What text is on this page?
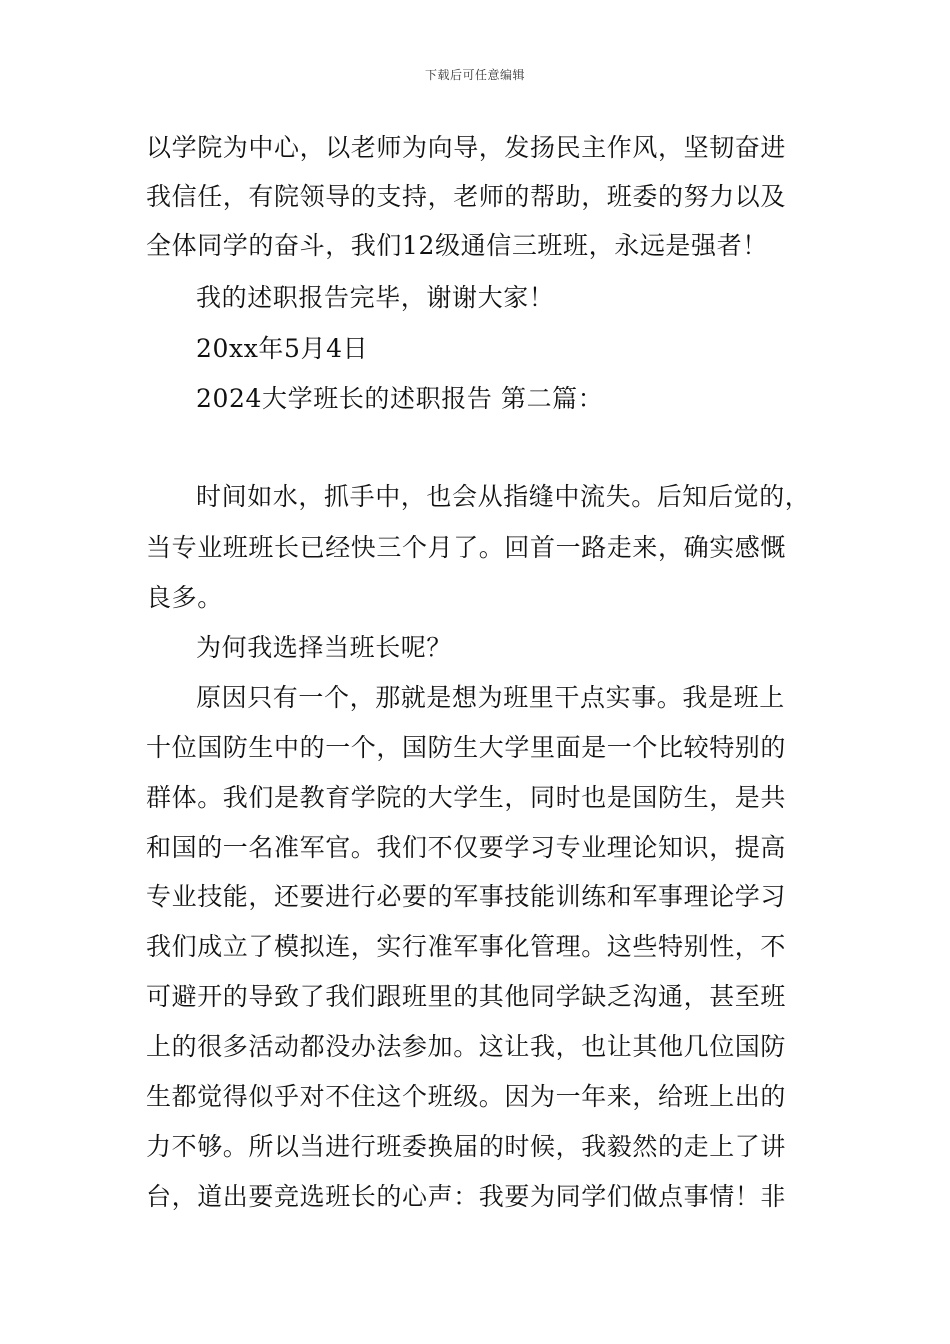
下载后可任意编辑
以学院为中心，以老师为向导，发扬民主作风，坚韧奋进
我信任，有院领导的支持，老师的帮助，班委的努力以及
全体同学的奋斗，我们12级通信三班班，永远是强者！
我的述职报告完毕，谢谢大家！
20xx年5月4日
2024大学班长的述职报告 第二篇：
时间如水，抓手中，也会从指缝中流失。后知后觉的，
当专业班班长已经快三个月了。回首一路走来，确实感慨
良多。
为何我选择当班长呢？
原因只有一个，那就是想为班里干点实事。我是班上
十位国防生中的一个，国防生大学里面是一个比较特别的
群体。我们是教育学院的大学生，同时也是国防生，是共
和国的一名准军官。我们不仅要学习专业理论知识，提高
专业技能，还要进行必要的军事技能训练和军事理论学习
我们成立了模拟连，实行准军事化管理。这些特别性，不
可避开的导致了我们跟班里的其他同学缺乏沟通，甚至班
上的很多活动都没办法参加。这让我，也让其他几位国防
生都觉得似乎对不住这个班级。因为一年来，给班上出的
力不够。所以当进行班委换届的时候，我毅然的走上了讲
台，道出要竞选班长的心声：我要为同学们做点事情！非
